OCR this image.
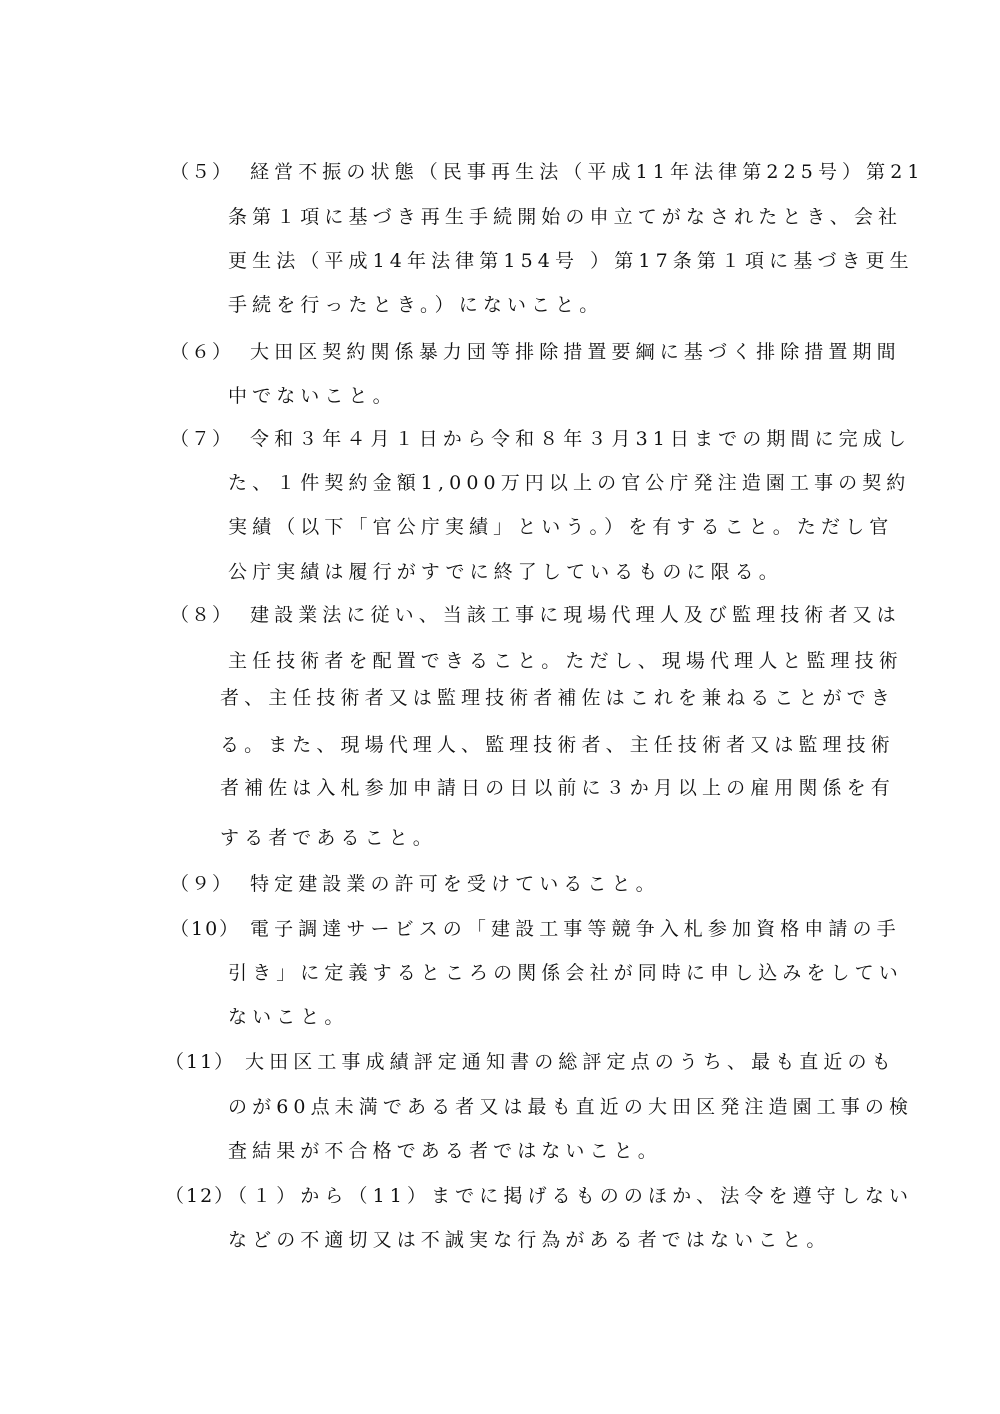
（５） 経営不振の状態（民事再生法（平成11年法律第225号）第21
条第１項に基づき再生手続開始の申立てがなされたとき、会社
更生法（平成14年法律第154号 ）第17条第１項に基づき更生
手続を行ったとき。）にないこと。
（６） 大田区契約関係暴力団等排除措置要綱に基づく排除措置期間
中でないこと。
（７） 令和３年４月１日から令和８年３月31日までの期間に完成し
た、１件契約金額1,000万円以上の官公庁発注造園工事の契約
実績（以下「官公庁実績」という。）を有すること。ただし官
公庁実績は履行がすでに終了しているものに限る。
（８） 建設業法に従い、当該工事に現場代理人及び監理技術者又は
主任技術者を配置できること。ただし、現場代理人と監理技術
者、主任技術者又は監理技術者補佐はこれを兼ねることができ
る。また、現場代理人、監理技術者、主任技術者又は監理技術
者補佐は入札参加申請日の日以前に３か月以上の雇用関係を有
する者であること。
（９） 特定建設業の許可を受けていること。
（10） 電子調達サービスの「建設工事等競争入札参加資格申請の手
引き」に定義するところの関係会社が同時に申し込みをしてい
ないこと。
（11） 大田区工事成績評定通知書の総評定点のうち、最も直近のも
のが60点未満である者又は最も直近の大田区発注造園工事の検
査結果が不合格である者ではないこと。
（12）
（１）から（11）までに掲げるもののほか、法令を遵守しない
などの不適切又は不誠実な行為がある者ではないこと。
